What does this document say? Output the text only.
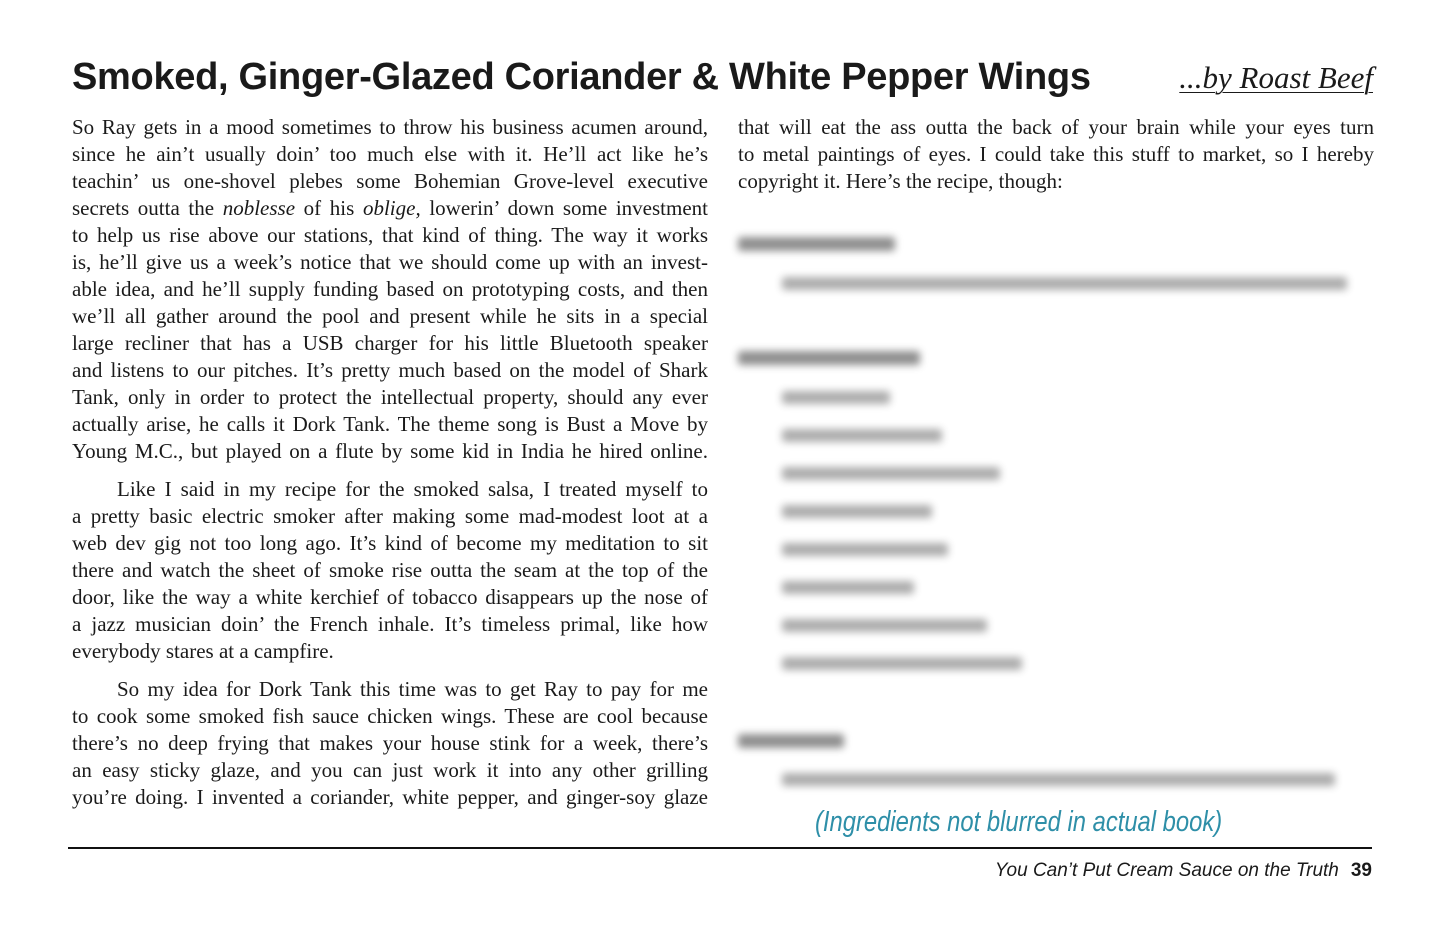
Smoked, Ginger-Glazed Coriander & White Pepper Wings	...by Roast Beef
So Ray gets in a mood sometimes to throw his business acumen around,
since he ain’t usually doin’ too much else with it. He’ll act like he’s
teachin’ us one-shovel plebes some Bohemian Grove-level executive
secrets outta the noblesse of his oblige, lowerin’ down some investment
to help us rise above our stations, that kind of thing. The way it works
is, he’ll give us a week’s notice that we should come up with an invest-
able idea, and he’ll supply funding based on prototyping costs, and then
we’ll all gather around the pool and present while he sits in a special
large recliner that has a USB charger for his little Bluetooth speaker
and listens to our pitches. It’s pretty much based on the model of Shark
Tank, only in order to protect the intellectual property, should any ever
actually arise, he calls it Dork Tank. The theme song is Bust a Move by
Young M.C., but played on a flute by some kid in India he hired online.
Like I said in my recipe for the smoked salsa, I treated myself to
a pretty basic electric smoker after making some mad-modest loot at a
web dev gig not too long ago. It’s kind of become my meditation to sit
there and watch the sheet of smoke rise outta the seam at the top of the
door, like the way a white kerchief of tobacco disappears up the nose of
a jazz musician doin’ the French inhale. It’s timeless primal, like how
everybody stares at a campfire.
So my idea for Dork Tank this time was to get Ray to pay for me
to cook some smoked fish sauce chicken wings. These are cool because
there’s no deep frying that makes your house stink for a week, there’s
an easy sticky glaze, and you can just work it into any other grilling
you’re doing. I invented a coriander, white pepper, and ginger-soy glaze
that will eat the ass outta the back of your brain while your eyes turn
to metal paintings of eyes. I could take this stuff to market, so I hereby
copyright it. Here’s the recipe, though:
(Ingredients not blurred in actual book)
You Can’t Put Cream Sauce on the Truth 39
